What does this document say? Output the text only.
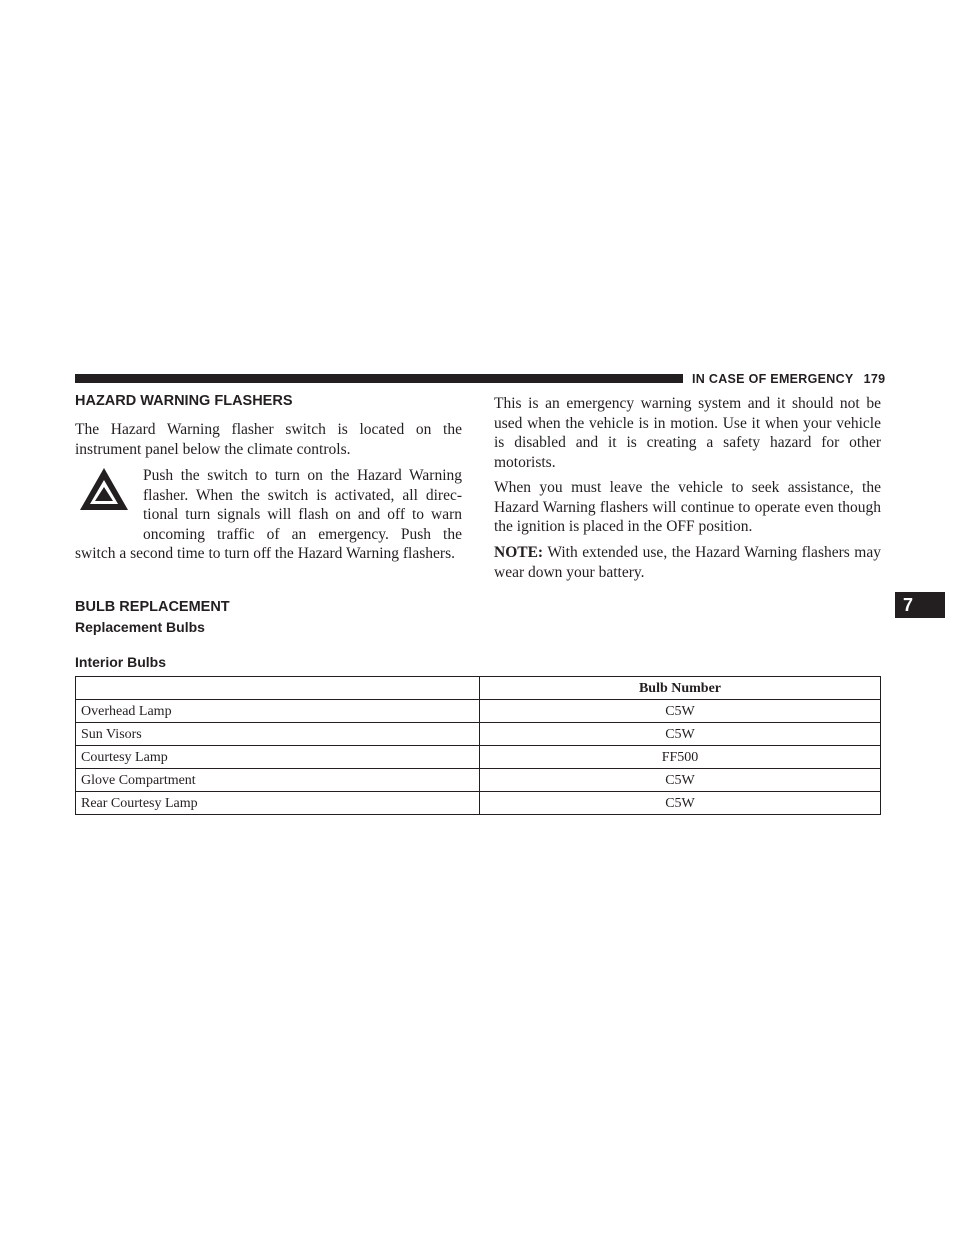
IN CASE OF EMERGENCY 179
7
HAZARD WARNING FLASHERS

The Hazard Warning flasher switch is located on the instrument panel below the climate controls.

Push the switch to turn on the Hazard Warning

flasher. When the switch is activated, all direc-

tional turn signals will flash on and off to warn

oncoming traffic of an emergency. Push the

switch a second time to turn off the Hazard Warning flashers.

This is an emergency warning system and it should not be used when the vehicle is in motion. Use it when your vehicle is disabled and it is creating a safety hazard for other motorists.

When you must leave the vehicle to seek assistance, the Hazard Warning flashers will continue to operate even though the ignition is placed in the OFF position.

NOTE: With extended use, the Hazard Warning flashers may wear down your battery.

BULB REPLACEMENT
Replacement Bulbs
Interior Bulbs
	Bulb Number
Overhead Lamp	C5W
Sun Visors	C5W
Courtesy Lamp	FF500
Glove Compartment	C5W
Rear Courtesy Lamp	C5W
